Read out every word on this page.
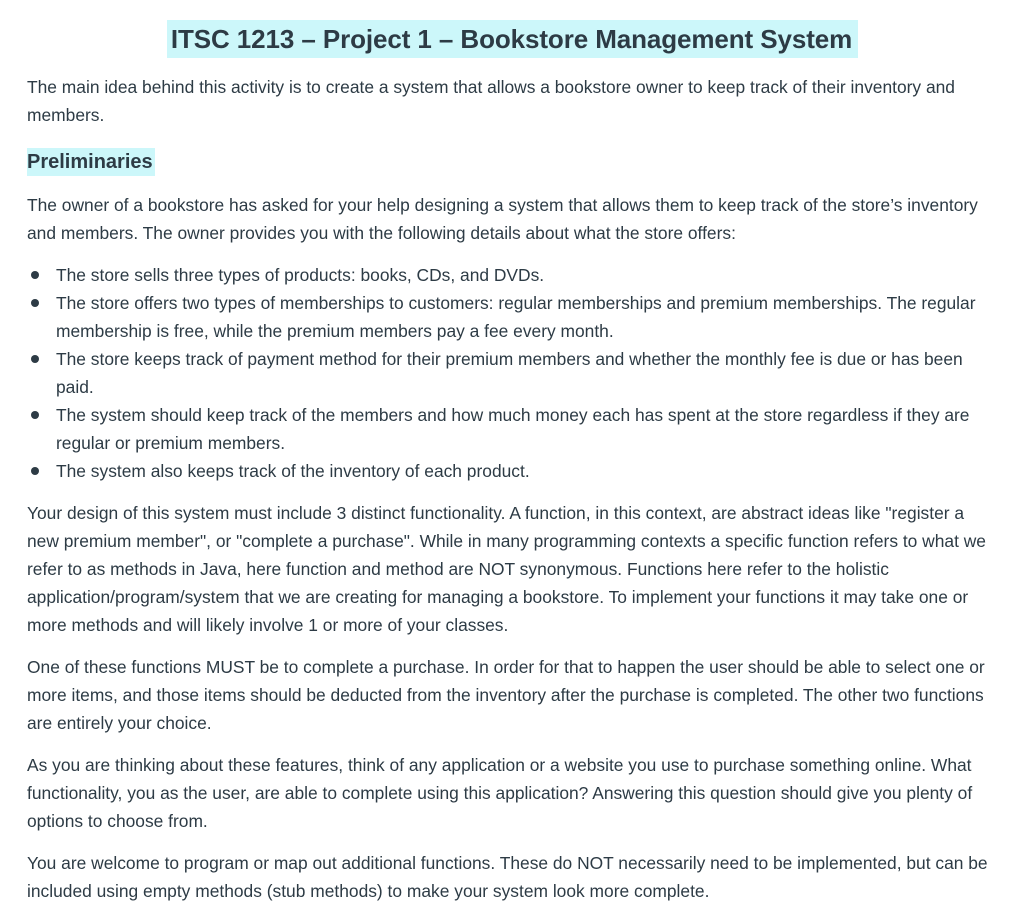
ITSC 1213 – Project 1 – Bookstore Management System

The main idea behind this activity is to create a system that allows a bookstore owner to keep track of their inventory and members.

Preliminaries

The owner of a bookstore has asked for your help designing a system that allows them to keep track of the store’s inventory and members. The owner provides you with the following details about what the store offers:

The store sells three types of products: books, CDs, and DVDs.
The store offers two types of memberships to customers: regular memberships and premium memberships. The regular membership is free, while the premium members pay a fee every month.
The store keeps track of payment method for their premium members and whether the monthly fee is due or has been paid.
The system should keep track of the members and how much money each has spent at the store regardless if they are regular or premium members.
The system also keeps track of the inventory of each product.

Your design of this system must include 3 distinct functionality. A function, in this context, are abstract ideas like "register a new premium member", or "complete a purchase". While in many programming contexts a specific function refers to what we refer to as methods in Java, here function and method are NOT synonymous. Functions here refer to the holistic application/program/system that we are creating for managing a bookstore. To implement your functions it may take one or more methods and will likely involve 1 or more of your classes.

One of these functions MUST be to complete a purchase. In order for that to happen the user should be able to select one or more items, and those items should be deducted from the inventory after the purchase is completed. The other two functions are entirely your choice.

As you are thinking about these features, think of any application or a website you use to purchase something online. What functionality, you as the user, are able to complete using this application? Answering this question should give you plenty of options to choose from.

You are welcome to program or map out additional functions. These do NOT necessarily need to be implemented, but can be included using empty methods (stub methods) to make your system look more complete.
